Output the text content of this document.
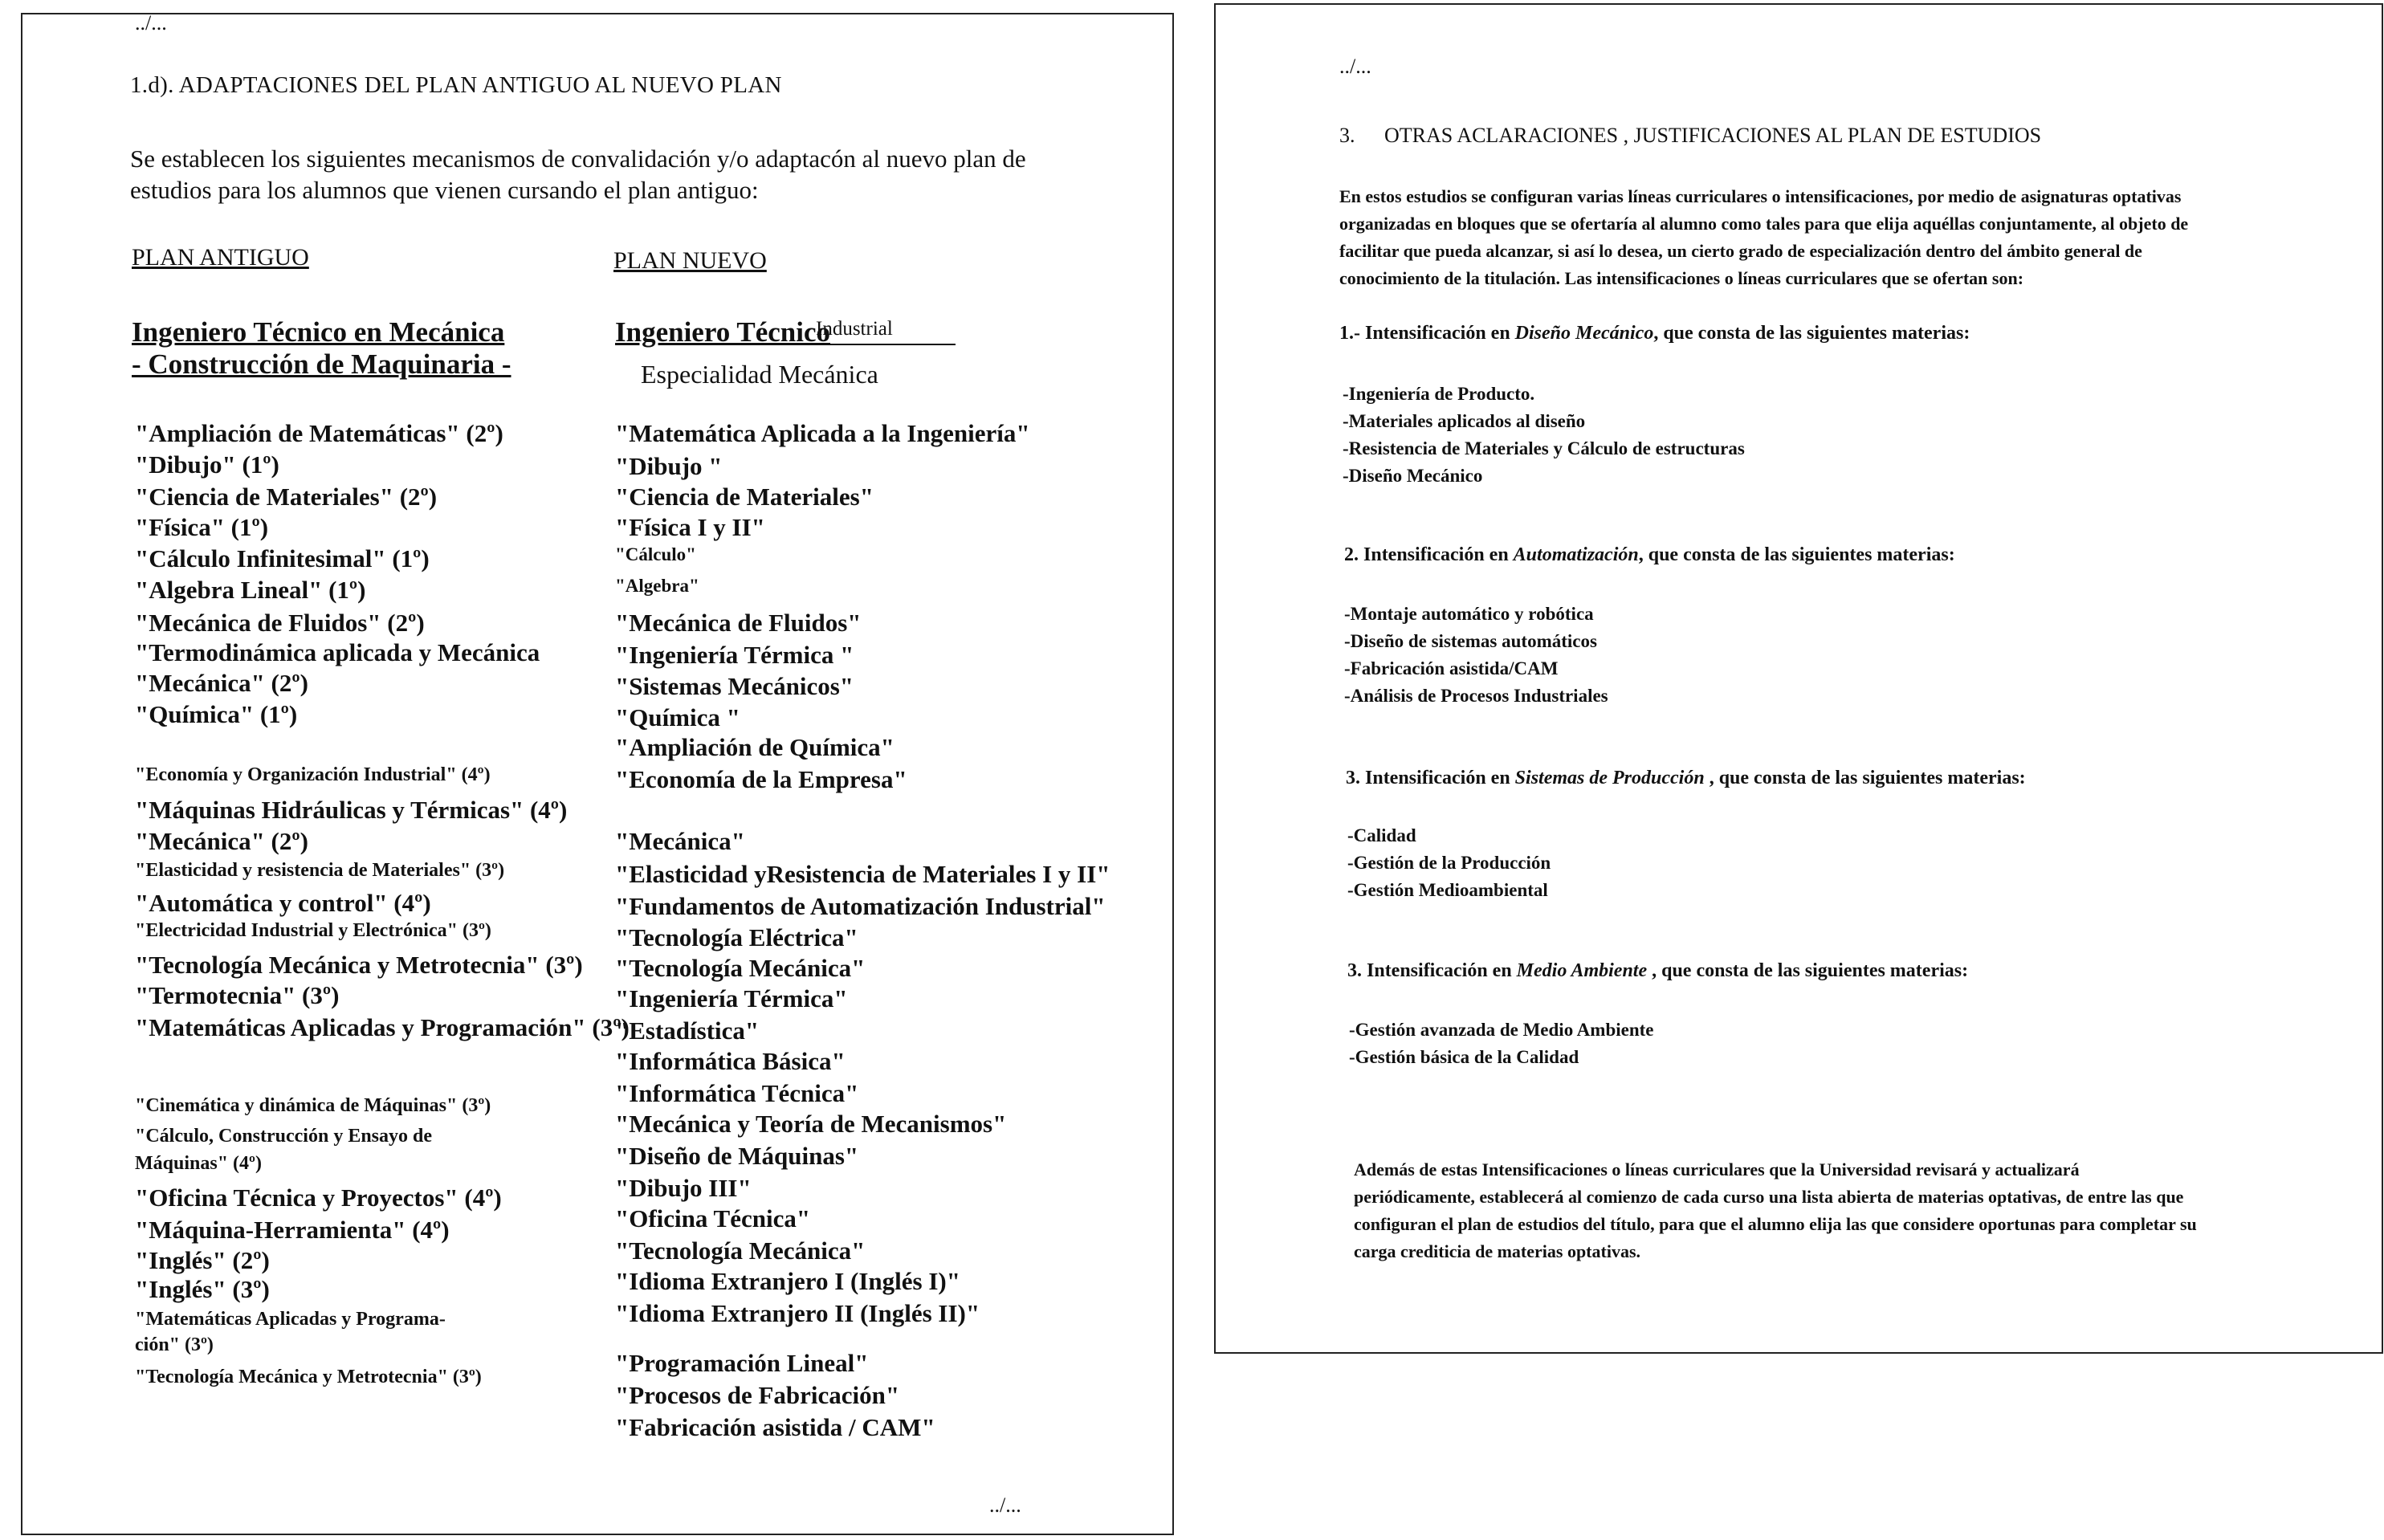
../...
1.d). ADAPTACIONES DEL PLAN ANTIGUO AL NUEVO PLAN
Se establecen los siguientes mecanismos de convalidación y/o adaptacón al nuevo plan de
estudios para los alumnos que vienen cursando el plan antiguo:
PLAN ANTIGUO	PLAN NUEVO
Ingeniero Técnico en Mecánica
- Construcción de Maquinaria -
Ingeniero Técnico
Industrial
Especialidad Mecánica
"Ampliación de Matemáticas" (2º)
"Dibujo" (1º)
"Ciencia de Materiales" (2º)
"Física" (1º)
"Cálculo Infinitesimal" (1º)
"Algebra Lineal" (1º)
"Mecánica de Fluidos" (2º)
"Termodinámica aplicada y Mecánica
"Mecánica" (2º)
"Química" (1º)
"Economía y Organización Industrial" (4º)
"Máquinas Hidráulicas y Térmicas" (4º)
"Mecánica" (2º)
"Elasticidad y resistencia de Materiales" (3º)
"Automática y control" (4º)
"Electricidad Industrial y Electrónica" (3º)
"Tecnología Mecánica y Metrotecnia" (3º)
"Termotecnia" (3º)
"Matemáticas Aplicadas y Programación" (3º)
"Cinemática y dinámica de Máquinas" (3º)
"Cálculo, Construcción y Ensayo de
Máquinas" (4º)
"Oficina Técnica y Proyectos" (4º)
"Máquina-Herramienta" (4º)
"Inglés" (2º)
"Inglés" (3º)
"Matemáticas Aplicadas y Programa-
ción" (3º)
"Tecnología Mecánica y Metrotecnia" (3º)
"Matemática Aplicada a la Ingeniería"
"Dibujo "
"Ciencia de Materiales"
"Física I y II"
"Cálculo"
"Algebra"
"Mecánica de Fluidos"
"Ingeniería Térmica "
"Sistemas Mecánicos"
"Química "
"Ampliación de Química"
"Economía de la Empresa"
"Mecánica"
"Elasticidad yResistencia de Materiales I y II"
"Fundamentos de Automatización Industrial"
"Tecnología Eléctrica"
"Tecnología Mecánica"
"Ingeniería Térmica"
"Estadística"
"Informática Básica"
"Informática Técnica"
"Mecánica y Teoría de Mecanismos"
"Diseño de Máquinas"
"Dibujo III"
"Oficina Técnica"
"Tecnología Mecánica"
"Idioma Extranjero I (Inglés I)"
"Idioma Extranjero II (Inglés II)"
"Programación Lineal"
"Procesos de Fabricación"
"Fabricación asistida / CAM"
../...
../...
3. OTRAS ACLARACIONES , JUSTIFICACIONES AL PLAN DE ESTUDIOS
En estos estudios se configuran varias líneas curriculares o intensificaciones, por medio de asignaturas optativas
organizadas en bloques que se ofertaría al alumno como tales para que elija aquéllas conjuntamente, al objeto de
facilitar que pueda alcanzar, si así lo desea, un cierto grado de especialización dentro del ámbito general de
conocimiento de la titulación. Las intensificaciones o líneas curriculares que se ofertan son:
1.- Intensificación en Diseño Mecánico, que consta de las siguientes materias:
-Ingeniería de Producto.
-Materiales aplicados al diseño
-Resistencia de Materiales y Cálculo de estructuras
-Diseño Mecánico
2. Intensificación en Automatización, que consta de las siguientes materias:
-Montaje automático y robótica
-Diseño de sistemas automáticos
-Fabricación asistida/CAM
-Análisis de Procesos Industriales
3. Intensificación en Sistemas de Producción , que consta de las siguientes materias:
-Calidad
-Gestión de la Producción
-Gestión Medioambiental
3. Intensificación en Medio Ambiente , que consta de las siguientes materias:
-Gestión avanzada de Medio Ambiente
-Gestión básica de la Calidad
Además de estas Intensificaciones o líneas curriculares que la Universidad revisará y actualizará
periódicamente, establecerá al comienzo de cada curso una lista abierta de materias optativas, de entre las que
configuran el plan de estudios del título, para que el alumno elija las que considere oportunas para completar su
carga crediticia de materias optativas.
